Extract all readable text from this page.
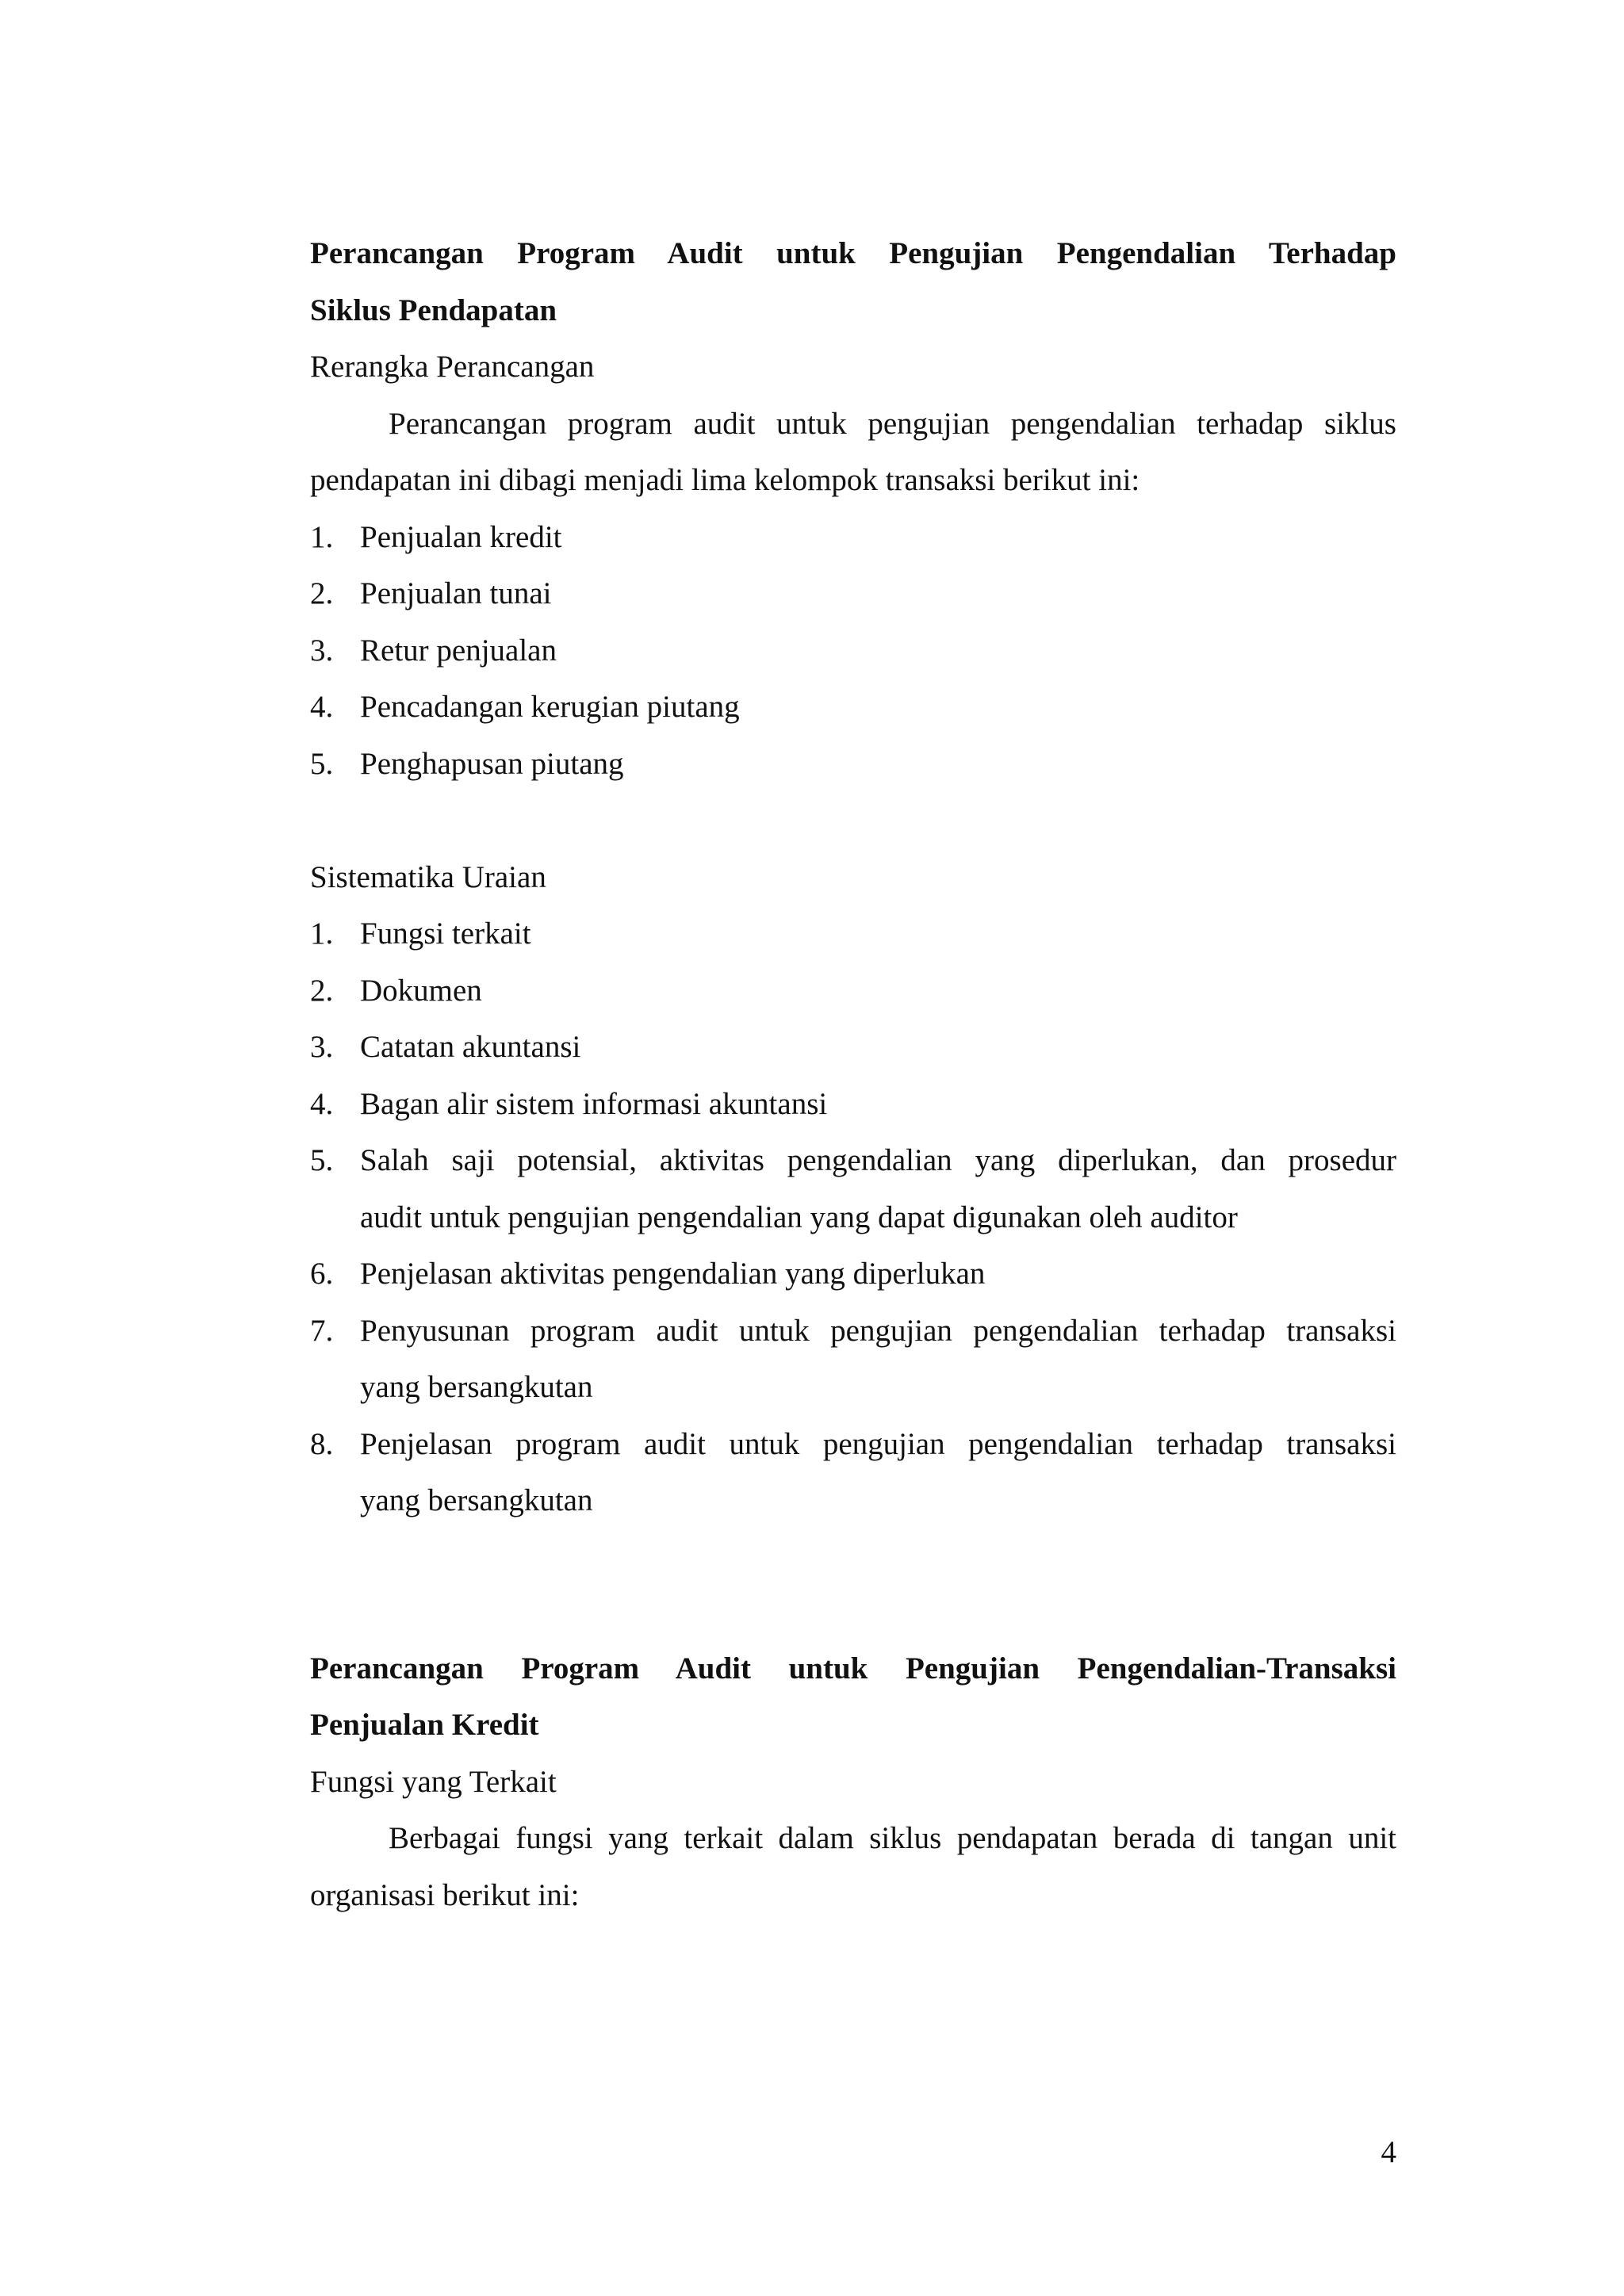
Perancangan Program Audit untuk Pengujian Pengendalian Terhadap
Siklus Pendapatan
Rerangka Perancangan
Perancangan program audit untuk pengujian pengendalian terhadap siklus
pendapatan ini dibagi menjadi lima kelompok transaksi berikut ini:
1. Penjualan kredit
2. Penjualan tunai
3. Retur penjualan
4. Pencadangan kerugian piutang
5. Penghapusan piutang
Sistematika Uraian
1. Fungsi terkait
2. Dokumen
3. Catatan akuntansi
4. Bagan alir sistem informasi akuntansi
5. Salah saji potensial, aktivitas pengendalian yang diperlukan, dan prosedur
audit untuk pengujian pengendalian yang dapat digunakan oleh auditor
6. Penjelasan aktivitas pengendalian yang diperlukan
7. Penyusunan program audit untuk pengujian pengendalian terhadap transaksi
yang bersangkutan
8. Penjelasan program audit untuk pengujian pengendalian terhadap transaksi
yang bersangkutan
Perancangan Program Audit untuk Pengujian Pengendalian-Transaksi
Penjualan Kredit
Fungsi yang Terkait
Berbagai fungsi yang terkait dalam siklus pendapatan berada di tangan unit
organisasi berikut ini:
4
